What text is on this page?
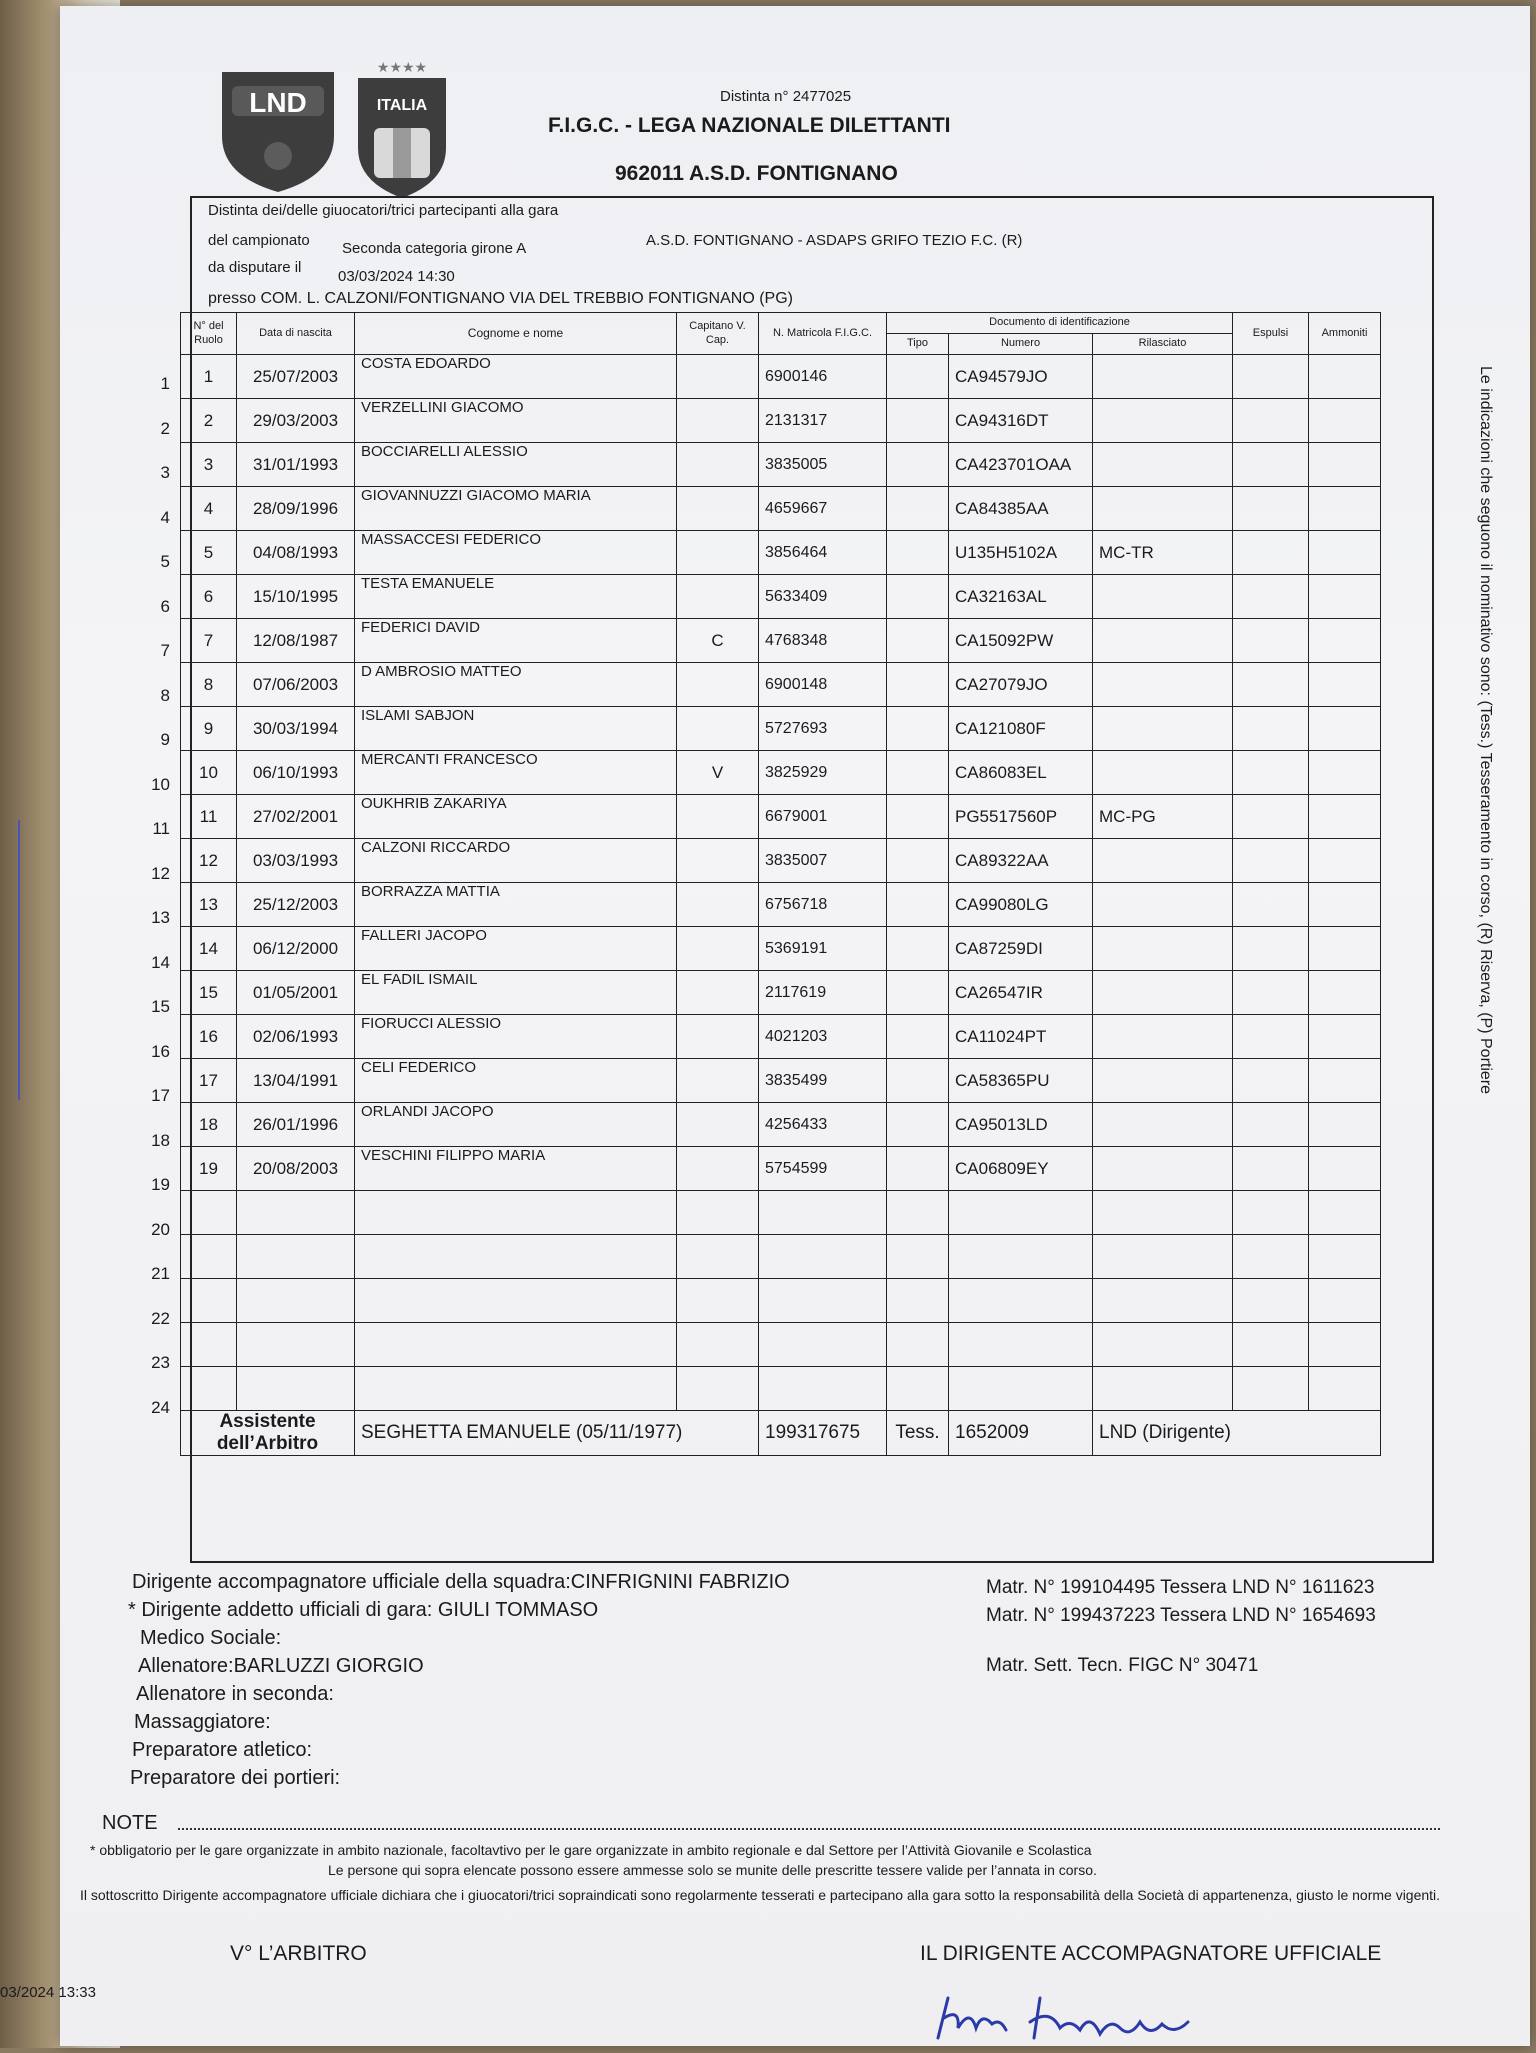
LND
★★★★
ITALIA
Distinta n° 2477025
F.I.G.C. - LEGA NAZIONALE DILETTANTI
962011 A.S.D. FONTIGNANO
Distinta dei/delle giuocatori/trici partecipanti alla gara
A.S.D. FONTIGNANO - ASDAPS GRIFO TEZIO F.C. (R)
del campionato Seconda categoria girone A
da disputare il
03/03/2024 14:30
presso COM. L. CALZONI/FONTIGNANO VIA DEL TREBBIO FONTIGNANO (PG)
1
2
3
4
5
6
7
8
9
10
11
12
13
14
15
16
17
18
19
20
21
22
23
24
N° del Ruolo	Data di nascita	Cognome e nome	Capitano V. Cap.	N. Matricola F.I.G.C.	Documento di identificazione			Espulsi	Ammoniti
					Tipo	Numero	Rilasciato		
1	25/07/2003	COSTA EDOARDO		6900146		CA94579JO			
2	29/03/2003	VERZELLINI GIACOMO		2131317		CA94316DT			
3	31/01/1993	BOCCIARELLI ALESSIO		3835005		CA423701OAA			
4	28/09/1996	GIOVANNUZZI GIACOMO MARIA		4659667		CA84385AA			
5	04/08/1993	MASSACCESI FEDERICO		3856464		U135H5102A	MC-TR		
6	15/10/1995	TESTA EMANUELE		5633409		CA32163AL			
7	12/08/1987	FEDERICI DAVID	C	4768348		CA15092PW			
8	07/06/2003	D AMBROSIO MATTEO		6900148		CA27079JO			
9	30/03/1994	ISLAMI SABJON		5727693		CA121080F			
10	06/10/1993	MERCANTI FRANCESCO	V	3825929		CA86083EL			
11	27/02/2001	OUKHRIB ZAKARIYA		6679001		PG5517560P	MC-PG		
12	03/03/1993	CALZONI RICCARDO		3835007		CA89322AA			
13	25/12/2003	BORRAZZA MATTIA		6756718		CA99080LG			
14	06/12/2000	FALLERI JACOPO		5369191		CA87259DI			
15	01/05/2001	EL FADIL ISMAIL		2117619		CA26547IR			
16	02/06/1993	FIORUCCI ALESSIO		4021203		CA11024PT			
17	13/04/1991	CELI FEDERICO		3835499		CA58365PU			
18	26/01/1996	ORLANDI JACOPO		4256433		CA95013LD			
19	20/08/2003	VESCHINI FILIPPO MARIA		5754599		CA06809EY			

Assistente
dell’Arbitro		SEGHETTA EMANUELE (05/11/1977)		199317675	Tess.	1652009	LND (Dirigente)		
Le indicazioni che seguono il nominativo sono: (Tess.) Tesseramento in corso, (R) Riserva, (P) Portiere
Dirigente accompagnatore ufficiale della squadra:CINFRIGNINI FABRIZIO
* Dirigente addetto ufficiali di gara: GIULI TOMMASO
Medico Sociale:
Allenatore:BARLUZZI GIORGIO
Allenatore in seconda:
Massaggiatore:
Preparatore atletico:
Preparatore dei portieri:
Matr. N° 199104495 Tessera LND N° 1611623
Matr. N° 199437223 Tessera LND N° 1654693
Matr. Sett. Tecn. FIGC N° 30471
NOTE
* obbligatorio per le gare organizzate in ambito nazionale, facoltavtivo per le gare organizzate in ambito regionale e dal Settore per l’Attività Giovanile e Scolastica
Le persone qui sopra elencate possono essere ammesse solo se munite delle prescritte tessere valide per l’annata in corso.
Il sottoscritto Dirigente accompagnatore ufficiale dichiara che i giuocatori/trici sopraindicati sono regolarmente tesserati e partecipano alla gara sotto la responsabilità della Società di appartenenza, giusto le norme vigenti.
V° L’ARBITRO	IL DIRIGENTE ACCOMPAGNATORE UFFICIALE
03/2024 13:33
